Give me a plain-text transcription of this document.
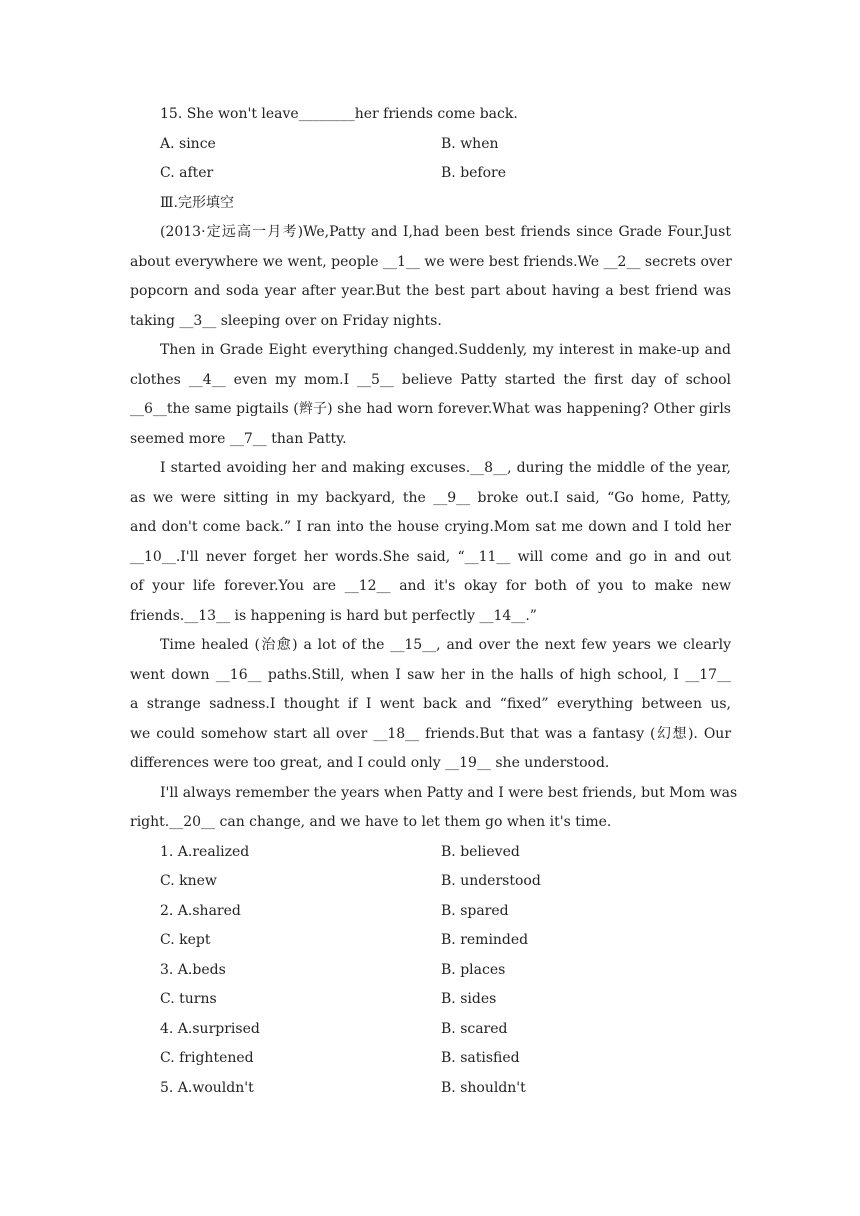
15. She won't leave________her friends come back.
A. since	B. when
C. after	B. before
Ⅲ.完形填空
(2013·定远高一月考)We,Patty and I,had been best friends since Grade Four.Just
about everywhere we went, people __1__ we were best friends.We __2__ secrets over
popcorn and soda year after year.But the best part about having a best friend was
taking __3__ sleeping over on Friday nights.
Then in Grade Eight everything changed.Suddenly, my interest in make-up and
clothes __4__ even my mom.I __5__ believe Patty started the first day of school
__6__the same pigtails (辫子) she had worn forever.What was happening? Other girls
seemed more __7__ than Patty.
I started avoiding her and making excuses.__8__, during the middle of the year,
as we were sitting in my backyard, the __9__ broke out.I said, “Go home, Patty,
and don't come back.” I ran into the house crying.Mom sat me down and I told her
__10__.I'll never forget her words.She said, “__11__ will come and go in and out
of your life forever.You are __12__ and it's okay for both of you to make new
friends.__13__ is happening is hard but perfectly __14__.”
Time healed (治愈) a lot of the __15__, and over the next few years we clearly
went down __16__ paths.Still, when I saw her in the halls of high school, I __17__
a strange sadness.I thought if I went back and “fixed” everything between us,
we could somehow start all over __18__ friends.But that was a fantasy (幻想). Our
differences were too great, and I could only __19__ she understood.
I'll always remember the years when Patty and I were best friends, but Mom was
right.__20__ can change, and we have to let them go when it's time.
1. A.realized	B. believed
C. knew	B. understood
2. A.shared	B. spared
C. kept	B. reminded
3. A.beds	B. places
C. turns	B. sides
4. A.surprised	B. scared
C. frightened	B. satisfied
5. A.wouldn't	B. shouldn't
